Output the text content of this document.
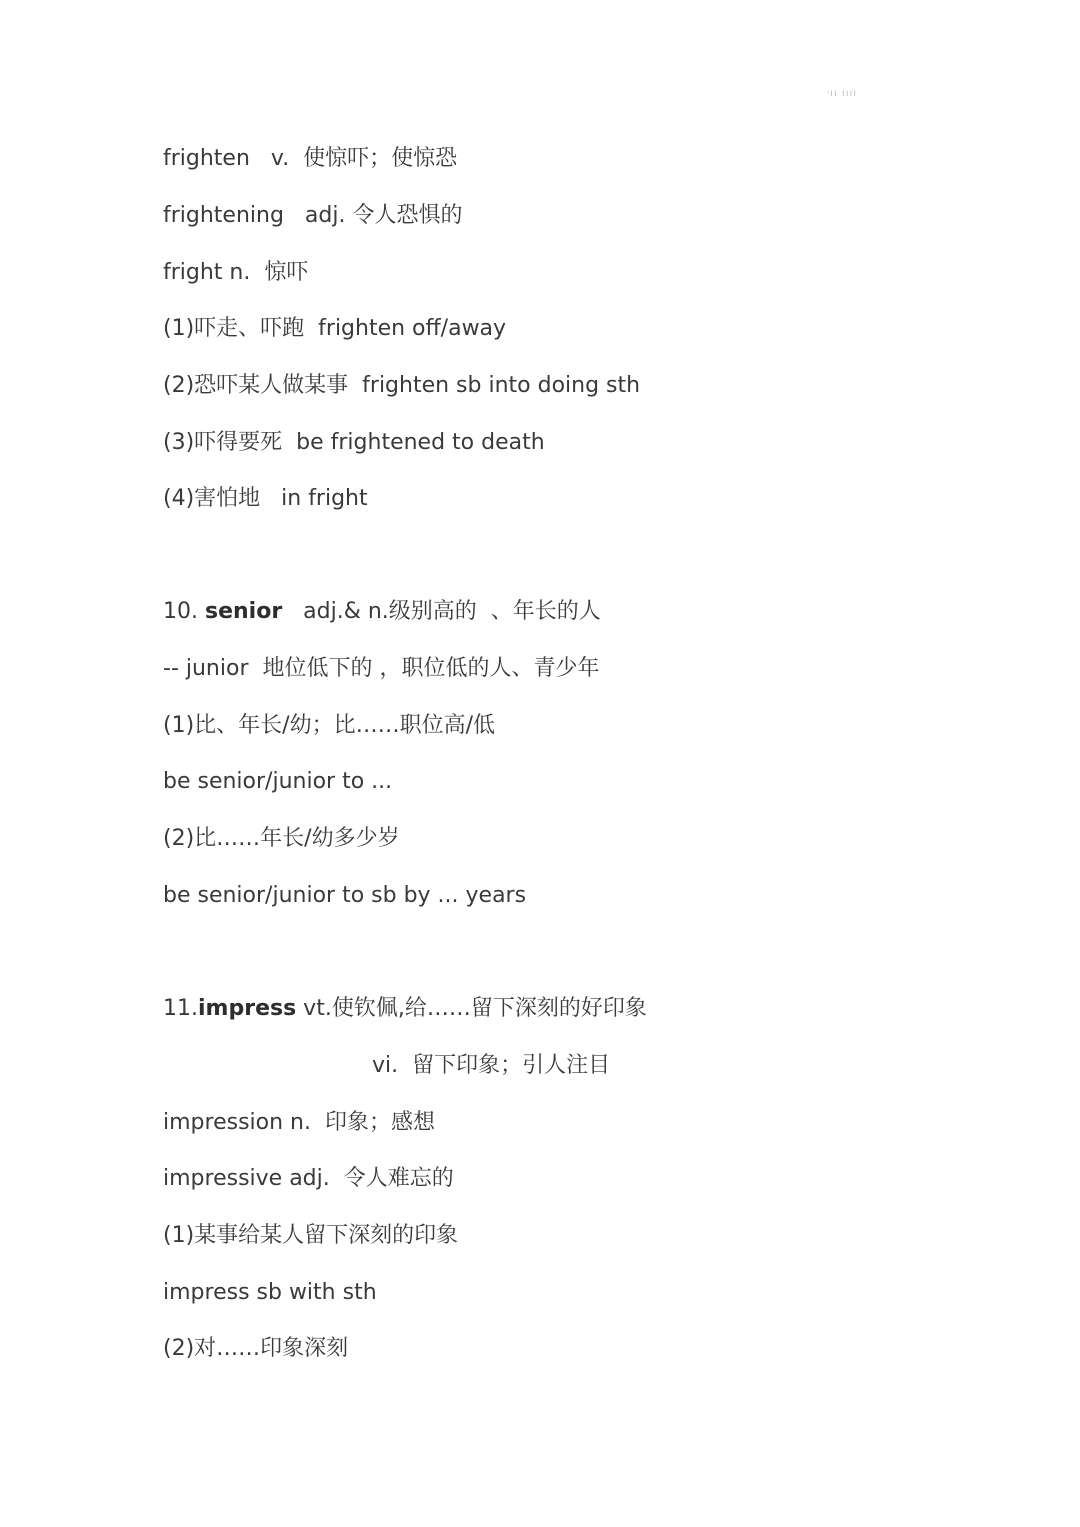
·ıı ıııı
frighten   v.  使惊吓；使惊恐
frightening   adj. 令人恐惧的
fright n.  惊吓
(1)吓走、吓跑  frighten off/away
(2)恐吓某人做某事  frighten sb into doing sth
(3)吓得要死  be frightened to death
(4)害怕地   in fright
10. senior   adj.& n.级别高的  、年长的人
-- junior  地位低下的 ，职位低的人、青少年
(1)比、年长/幼；比……职位高/低
be senior/junior to ...
(2)比……年长/幼多少岁
be senior/junior to sb by ... years
11.impress vt.使钦佩,给……留下深刻的好印象
vi.  留下印象；引人注目
impression n.  印象；感想
impressive adj.  令人难忘的
(1)某事给某人留下深刻的印象
impress sb with sth
(2)对……印象深刻
